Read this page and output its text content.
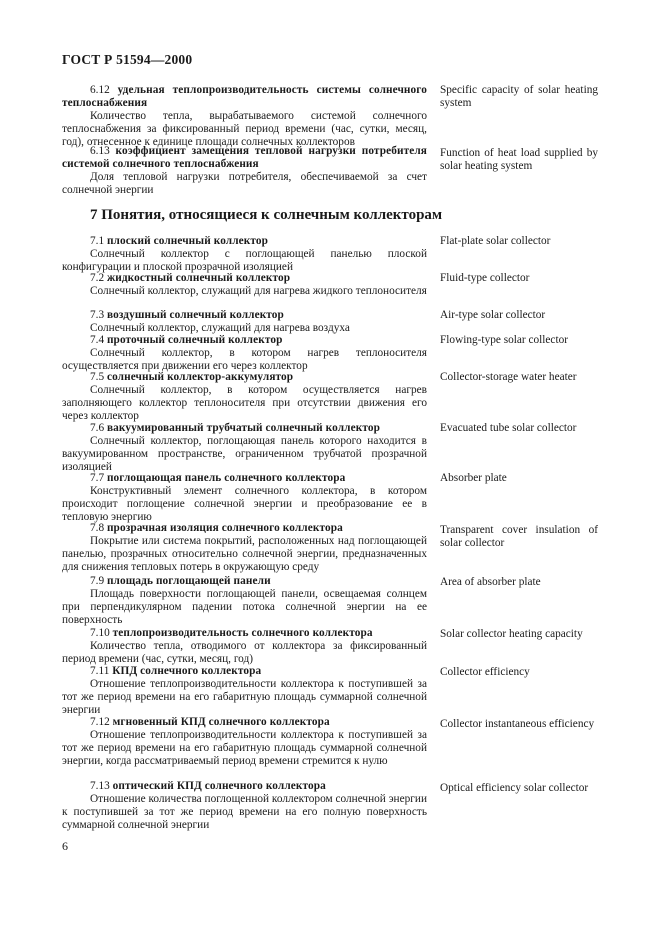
ГОСТ Р 51594—2000
6.12 удельная теплопроизводительность системы солнечного теплоснабжения
Количество тепла, вырабатываемого системой солнечного теплоснабжения за фиксированный период времени (час, сутки, месяц, год), отнесенное к единице площади солнечных коллекторов
Specific capacity of solar heating system
6.13 коэффициент замещения тепловой нагрузки потребителя системой солнечного теплоснабжения
Доля тепловой нагрузки потребителя, обеспечиваемой за счет солнечной энергии
Function of heat load supplied by solar heating system
7 Понятия, относящиеся к солнечным коллекторам
7.1 плоский солнечный коллектор
Солнечный коллектор с поглощающей панелью плоской конфигурации и плоской прозрачной изоляцией
Flat-plate solar collector
7.2 жидкостный солнечный коллектор
Солнечный коллектор, служащий для нагрева жидкого теплоносителя
Fluid-type collector
7.3 воздушный солнечный коллектор
Солнечный коллектор, служащий для нагрева воздуха
Air-type solar collector
7.4 проточный солнечный коллектор
Солнечный коллектор, в котором нагрев теплоносителя осуществляется при движении его через коллектор
Flowing-type solar collector
7.5 солнечный коллектор-аккумулятор
Солнечный коллектор, в котором осуществляется нагрев заполняющего коллектор теплоносителя при отсутствии движения его через коллектор
Collector-storage water heater
7.6 вакуумированный трубчатый солнечный коллектор
Солнечный коллектор, поглощающая панель которого находится в вакуумированном пространстве, ограниченном трубчатой прозрачной изоляцией
Evacuated tube solar collector
7.7 поглощающая панель солнечного коллектора
Конструктивный элемент солнечного коллектора, в котором происходит поглощение солнечной энергии и преобразование ее в тепловую энергию
Absorber plate
7.8 прозрачная изоляция солнечного коллектора
Покрытие или система покрытий, расположенных над поглощающей панелью, прозрачных относительно солнечной энергии, предназначенных для снижения тепловых потерь в окружающую среду
Transparent cover insulation of solar collector
7.9 площадь поглощающей панели
Площадь поверхности поглощающей панели, освещаемая солнцем при перпендикулярном падении потока солнечной энергии на ее поверхность
Area of absorber plate
7.10 теплопроизводительность солнечного коллектора
Количество тепла, отводимого от коллектора за фиксированный период времени (час, сутки, месяц, год)
Solar collector heating capacity
7.11 КПД солнечного коллектора
Отношение теплопроизводительности коллектора к поступившей за тот же период времени на его габаритную площадь суммарной солнечной энергии
Collector efficiency
7.12 мгновенный КПД солнечного коллектора
Отношение теплопроизводительности коллектора к поступившей за тот же период времени на его габаритную площадь суммарной солнечной энергии, когда рассматриваемый период времени стремится к нулю
Collector instantaneous efficiency
7.13 оптический КПД солнечного коллектора
Отношение количества поглощенной коллектором солнечной энергии к поступившей за тот же период времени на его полную поверхность суммарной солнечной энергии
Optical efficiency solar collector
6
